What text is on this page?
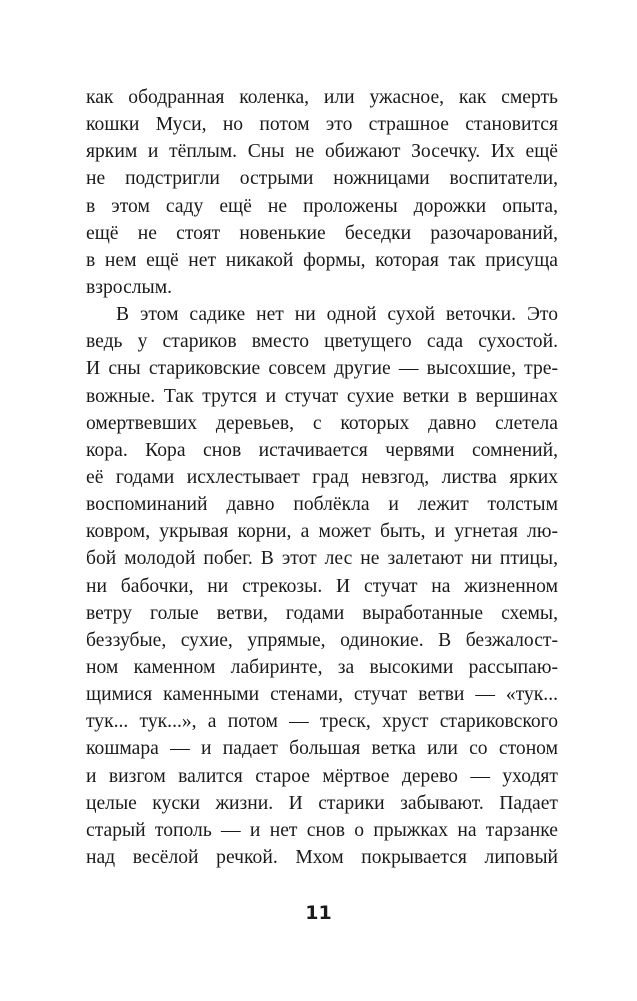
как ободранная коленка, или ужасное, как смерть
кошки Муси, но потом это страшное становится
ярким и тёплым. Сны не обижают Зосечку. Их ещё
не подстригли острыми ножницами воспитатели,
в этом саду ещё не проложены дорожки опыта,
ещё не стоят новенькие беседки разочарований,
в нем ещё нет никакой формы, которая так присуща
взрослым.
В этом садике нет ни одной сухой веточки. Это
ведь у стариков вместо цветущего сада сухостой.
И сны стариковские совсем другие — высохшие, тре-
вожные. Так трутся и стучат сухие ветки в вершинах
омертвевших деревьев, с которых давно слетела
кора. Кора снов истачивается червями сомнений,
её годами исхлестывает град невзгод, листва ярких
воспоминаний давно поблёкла и лежит толстым
ковром, укрывая корни, а может быть, и угнетая лю-
бой молодой побег. В этот лес не залетают ни птицы,
ни бабочки, ни стрекозы. И стучат на жизненном
ветру голые ветви, годами выработанные схемы,
беззубые, сухие, упрямые, одинокие. В безжалост-
ном каменном лабиринте, за высокими рассыпаю-
щимися каменными стенами, стучат ветви — «тук...
тук... тук...», а потом — треск, хруст стариковского
кошмара — и падает большая ветка или со стоном
и визгом валится старое мёртвое дерево — уходят
целые куски жизни. И старики забывают. Падает
старый тополь — и нет снов о прыжках на тарзанке
над весёлой речкой. Мхом покрывается липовый
11
